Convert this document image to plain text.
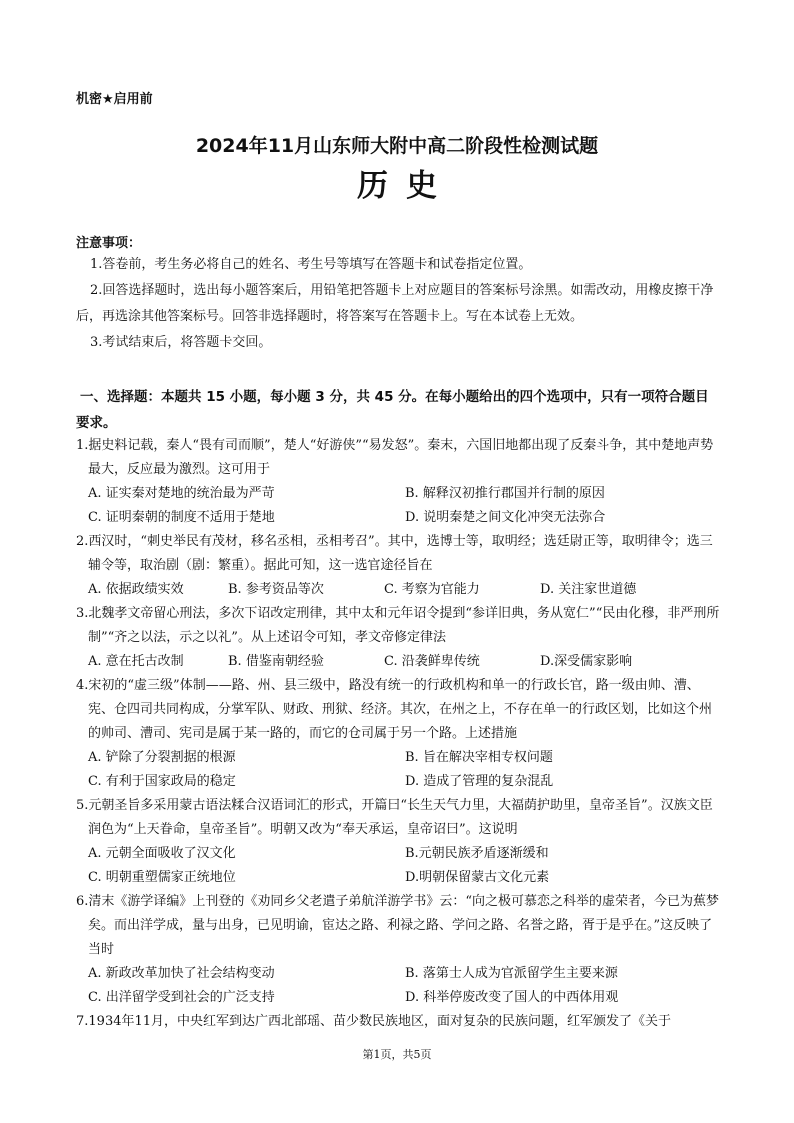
机密★启用前
2024年11月山东师大附中高二阶段性检测试题
历史
注意事项：

1.答卷前，考生务必将自己的姓名、考生号等填写在答题卡和试卷指定位置。

2.回答选择题时，选出每小题答案后，用铅笔把答题卡上对应题目的答案标号涂黑。如需改动，用橡皮擦干净后，再选涂其他答案标号。回答非选择题时，将答案写在答题卡上。写在本试卷上无效。

3.考试结束后，将答题卡交回。

一、选择题：本题共 15 小题，每小题 3 分，共 45 分。在每小题给出的四个选项中，只有一项符合题目要求。

1.据史料记载，秦人“畏有司而顺”，楚人“好游侠”“易发怒”。秦末，六国旧地都出现了反秦斗争，其中楚地声势最大，反应最为激烈。这可用于

A. 证实秦对楚地的统治最为严苛	B. 解释汉初推行郡国并行制的原因
C. 证明秦朝的制度不适用于楚地	D. 说明秦楚之间文化冲突无法弥合

2.西汉时，“刺史举民有茂材，移名丞相，丞相考召”。其中，选博士等，取明经；选廷尉正等，取明律令；选三辅令等，取治剧（剧：繁重）。据此可知，这一选官途径旨在

A. 依据政绩实效	B. 参考资品等次	C. 考察为官能力	D. 关注家世道德

3.北魏孝文帝留心刑法，多次下诏改定刑律，其中太和元年诏令提到“参详旧典，务从宽仁”“民由化穆，非严刑所制”“齐之以法，示之以礼”。从上述诏令可知，孝文帝修定律法

A. 意在托古改制	B. 借鉴南朝经验	C. 沿袭鲜卑传统	D.深受儒家影响

4.宋初的“虚三级”体制——路、州、县三级中，路没有统一的行政机构和单一的行政长官，路一级由帅、漕、宪、仓四司共同构成，分掌军队、财政、刑狱、经济。其次，在州之上，不存在单一的行政区划，比如这个州的帅司、漕司、宪司是属于某一路的，而它的仓司属于另一个路。上述措施

A. 铲除了分裂割据的根源	B. 旨在解决宰相专权问题
C. 有利于国家政局的稳定	D. 造成了管理的复杂混乱

5.元朝圣旨多采用蒙古语法糅合汉语词汇的形式，开篇曰“长生天气力里，大福荫护助里，皇帝圣旨”。汉族文臣润色为“上天眷命，皇帝圣旨”。明朝又改为“奉天承运，皇帝诏曰”。这说明

A. 元朝全面吸收了汉文化	B.元朝民族矛盾逐渐缓和
C. 明朝重塑儒家正统地位	D.明朝保留蒙古文化元素

6.清末《游学译编》上刊登的《劝同乡父老遣子弟航洋游学书》云：“向之极可慕恋之科举的虚荣者，今已为蕉梦矣。而出洋学成，量与出身，已见明谕，宦达之路、利禄之路、学问之路、名誉之路，胥于是乎在。”这反映了当时

A. 新政改革加快了社会结构变动	B. 落第士人成为官派留学生主要来源
C. 出洋留学受到社会的广泛支持	D. 科举停废改变了国人的中西体用观

7.1934年11月，中央红军到达广西北部瑶、苗少数民族地区，面对复杂的民族问题，红军颁发了《关于

第1页，共5页
